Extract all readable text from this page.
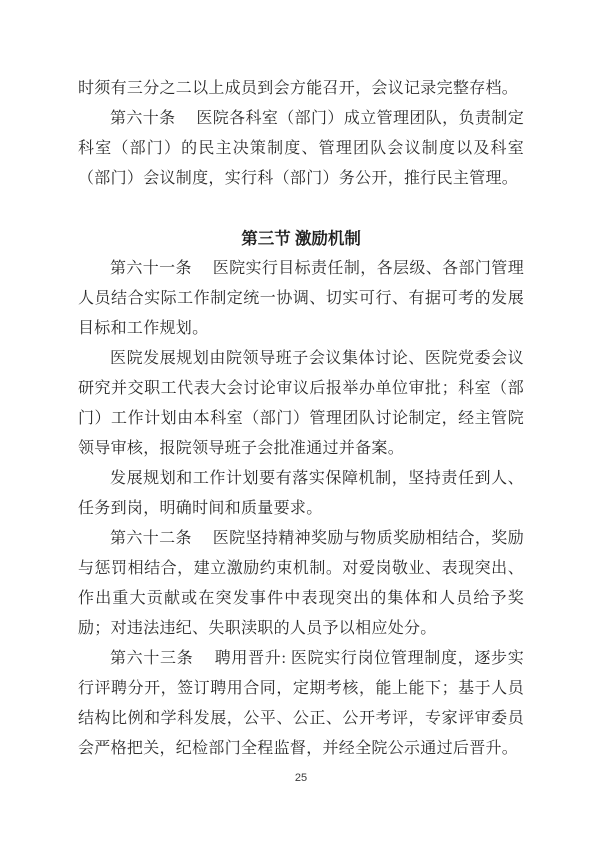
时须有三分之二以上成员到会方能召开，会议记录完整存档。

第六十条　 医院各科室（部门）成立管理团队，负责制定科室（部门）的民主决策制度、管理团队会议制度以及科室（部门）会议制度，实行科（部门）务公开，推行民主管理。

第三节 激励机制

第六十一条　 医院实行目标责任制，各层级、各部门管理人员结合实际工作制定统一协调、切实可行、有据可考的发展目标和工作规划。

医院发展规划由院领导班子会议集体讨论、医院党委会议研究并交职工代表大会讨论审议后报举办单位审批；科室（部门）工作计划由本科室（部门）管理团队讨论制定，经主管院领导审核，报院领导班子会批准通过并备案。

发展规划和工作计划要有落实保障机制，坚持责任到人、任务到岗，明确时间和质量要求。

第六十二条　 医院坚持精神奖励与物质奖励相结合，奖励与惩罚相结合，建立激励约束机制。对爱岗敬业、表现突出、作出重大贡献或在突发事件中表现突出的集体和人员给予奖励；对违法违纪、失职渎职的人员予以相应处分。

第六十三条　 聘用晋升: 医院实行岗位管理制度，逐步实行评聘分开，签订聘用合同，定期考核，能上能下；基于人员结构比例和学科发展，公平、公正、公开考评，专家评审委员会严格把关，纪检部门全程监督，并经全院公示通过后晋升。

25
